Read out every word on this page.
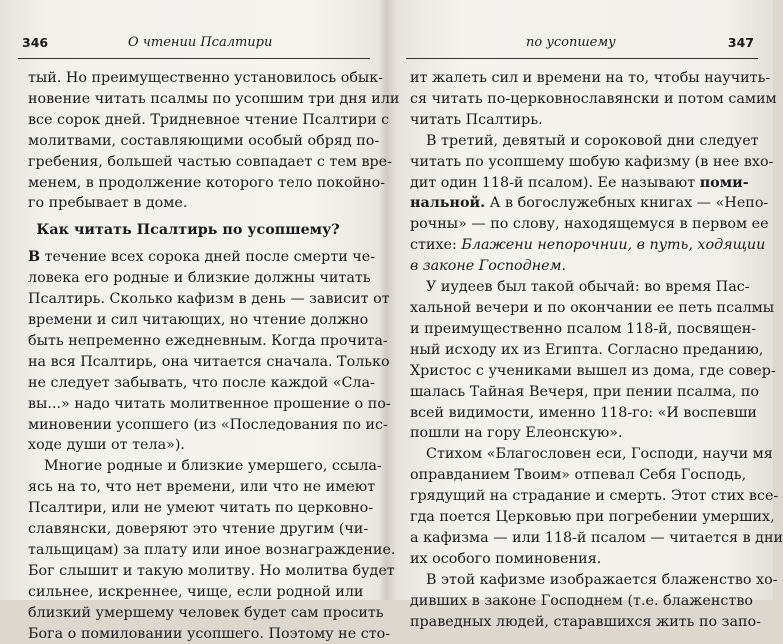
346	О чтении Псалтири
тый. Но преимущественно установилось обык-
новение читать псалмы по усопшим три дня или
все сорок дней. Тридневное чтение Псалтири с
молитвами, составляющими особый обряд по-
гребения, большей частью совпадает с тем вре-
менем, в продолжение которого тело покойно-
го пребывает в доме.
Как читать Псалтирь по усопшему?
В течение всех сорока дней после смерти че-
ловека его родные и близкие должны читать
Псалтирь. Сколько кафизм в день — зависит от
времени и сил читающих, но чтение должно
быть непременно ежедневным. Когда прочита-
на вся Псалтирь, она читается сначала. Только
не следует забывать, что после каждой «Сла-
вы...» надо читать молитвенное прошение о по-
миновении усопшего (из «Последования по ис-
ходе души от тела»).
Многие родные и близкие умершего, ссыла-
ясь на то, что нет времени, или что не имеют
Псалтири, или не умеют читать по церковно-
славянски, доверяют это чтение другим (чи-
тальщицам) за плату или иное вознаграждение.
Бог слышит и такую молитву. Но молитва будет
сильнее, искреннее, чище, если родной или
близкий умершему человек будет сам просить
Бога о помиловании усопшего. Поэтому не сто-
по усопшему	347
ит жалеть сил и времени на то, чтобы научить-
ся читать по-церковнославянски и потом самим
читать Псалтирь.
В третий, девятый и сороковой дни следует
читать по усопшему шобую кафизму (в нее вхо-
дит один 118-й псалом). Ее называют поми-
нальной. А в богослужебных книгах — «Непо-
рочны» — по слову, находящемуся в первом ее
стихе: Блажени непорочнии, в путь, ходящии
в законе Господнем.
У иудеев был такой обычай: во время Пас-
хальной вечери и по окончании ее петь псалмы
и преимущественно псалом 118-й, посвящен-
ный исходу их из Египта. Согласно преданию,
Христос с учениками вышел из дома, где совер-
шалась Тайная Вечеря, при пении псалма, по
всей видимости, именно 118-го: «И воспевши
пошли на гору Елеонскую».
Стихом «Благословен еси, Господи, научи мя
оправданием Твоим» отпевал Себя Господь,
грядущий на страдание и смерть. Этот стих все-
гда поется Церковью при погребении умерших,
а кафизма — или 118-й псалом — читается в дни
их особого поминовения.
В этой кафизме изображается блаженство хо-
дивших в законе Господнем (т.е. блаженство
праведных людей, старавшихся жить по запо-
